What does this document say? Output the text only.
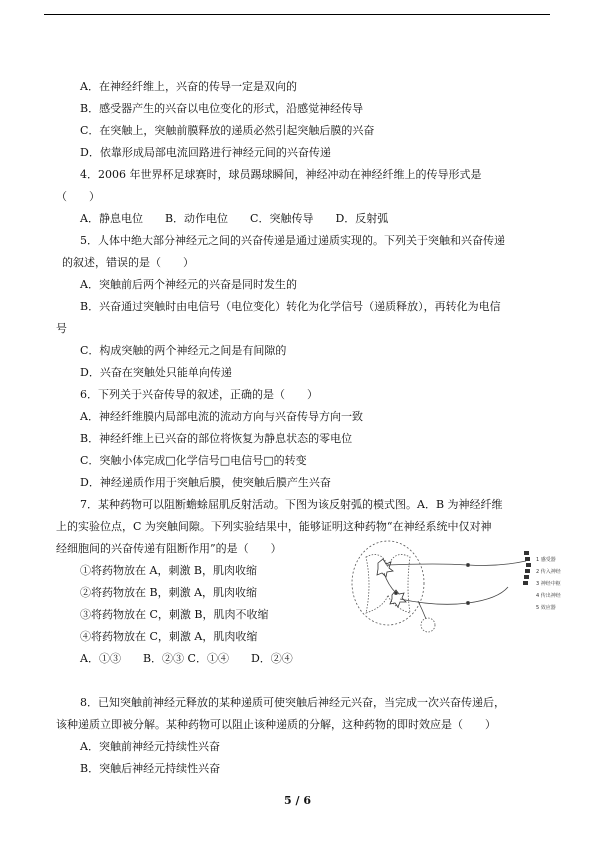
A．在神经纤维上，兴奋的传导一定是双向的
B．感受器产生的兴奋以电位变化的形式，沿感觉神经传导
C．在突触上，突触前膜释放的递质必然引起突触后膜的兴奋
D．依靠形成局部电流回路进行神经元间的兴奋传递
4．2006 年世界杯足球赛时，球员踢球瞬间，神经冲动在神经纤维上的传导形式是
（　　）
A．静息电位　　B．动作电位　　C．突触传导　　D．反射弧
5．人体中绝大部分神经元之间的兴奋传递是通过递质实现的。下列关于突触和兴奋传递
的叙述，错误的是（　　）
A．突触前后两个神经元的兴奋是同时发生的
B．兴奋通过突触时由电信号（电位变化）转化为化学信号（递质释放），再转化为电信
号
C．构成突触的两个神经元之间是有间隙的
D．兴奋在突触处只能单向传递
6．下列关于兴奋传导的叙述，正确的是（　　）
A．神经纤维膜内局部电流的流动方向与兴奋传导方向一致
B．神经纤维上已兴奋的部位将恢复为静息状态的零电位
C．突触小体完成□化学信号□电信号□的转变
D．神经递质作用于突触后膜，使突触后膜产生兴奋
7．某种药物可以阻断蟾蜍屈肌反射活动。下图为该反射弧的模式图。A．B 为神经纤维
上的实验位点，C 为突触间隙。下列实验结果中，能够证明这种药物“在神经系统中仅对神
经细胞间的兴奋传递有阻断作用”的是（　　）
①将药物放在 A，刺激 B，肌肉收缩
②将药物放在 B，刺激 A，肌肉收缩
③将药物放在 C，刺激 B，肌肉不收缩
④将药物放在 C，刺激 A，肌肉收缩
A．①③　　B．②③ C．①④　　D．②④
1 感受器
2 传入神经
3 神经中枢
4 传出神经
5 效应器
8．已知突触前神经元释放的某种递质可使突触后神经元兴奋，当完成一次兴奋传递后，
该种递质立即被分解。某种药物可以阻止该种递质的分解，这种药物的即时效应是（　　）
A．突触前神经元持续性兴奋
B．突触后神经元持续性兴奋
5 / 6
